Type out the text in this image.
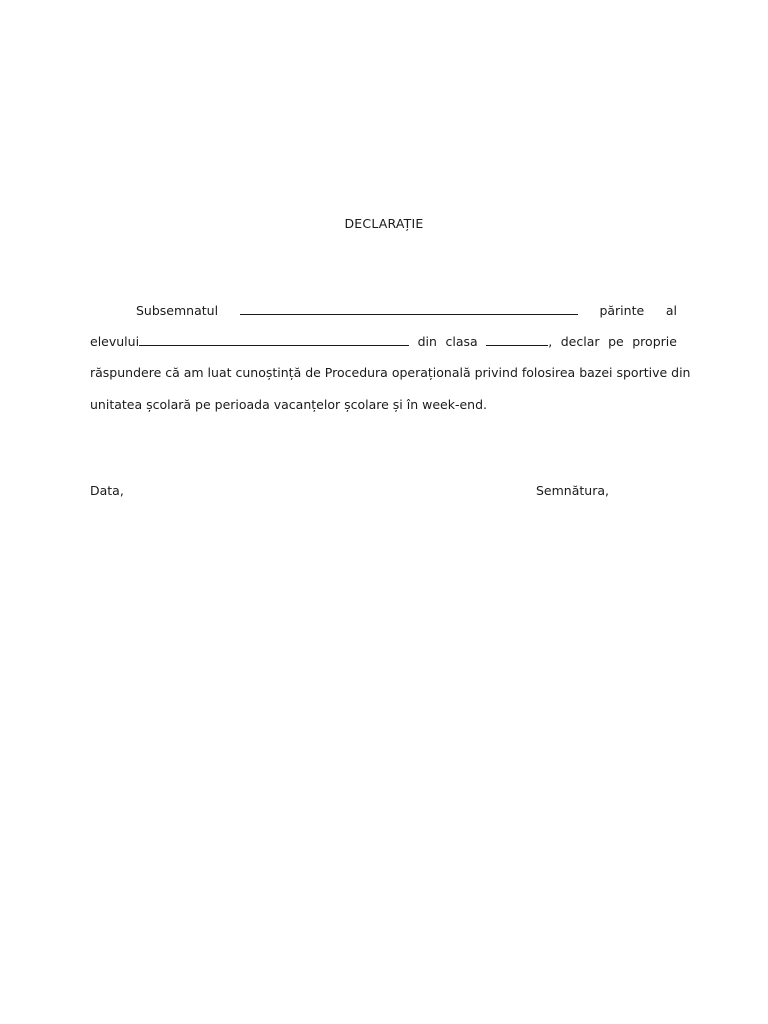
DECLARAȚIE
Subsemnatul	părinte al
elevului	din clasa	, declar pe proprie
răspundere că am luat cunoștință de Procedura operațională privind folosirea bazei sportive din
unitatea școlară pe perioada vacanțelor școlare și în week-end.
Data,	Semnătura,
